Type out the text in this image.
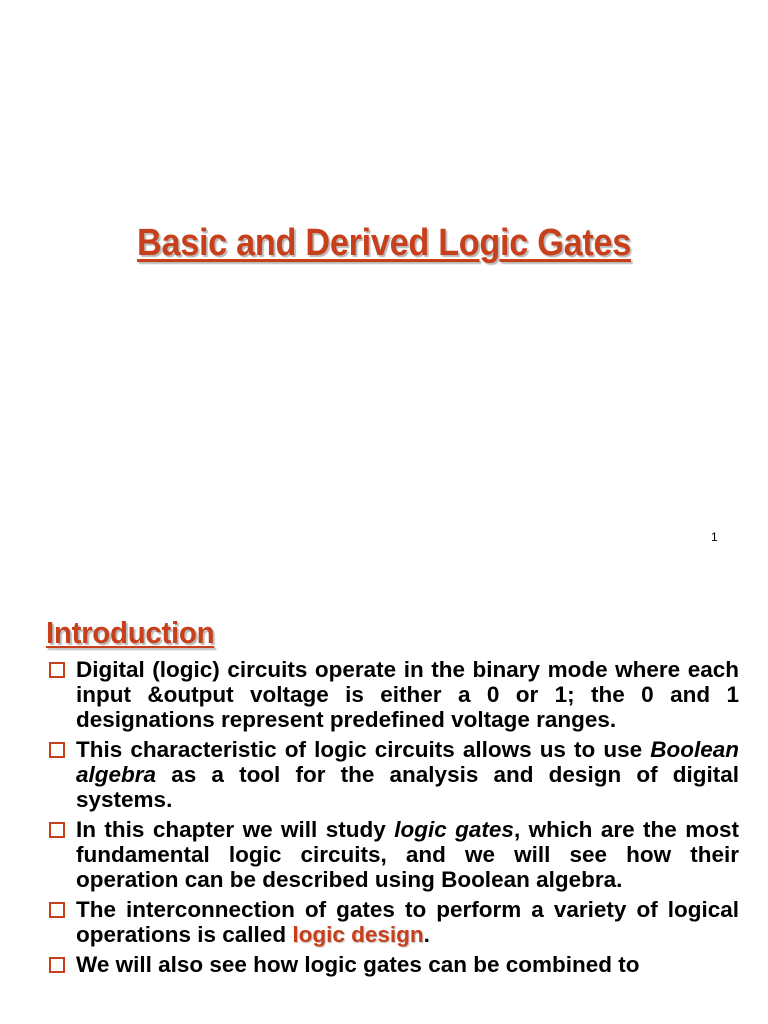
Basic and Derived Logic Gates
1
Introduction
Digital (logic) circuits operate in the binary mode where each input &output voltage is either a 0 or 1; the 0 and 1 designations represent predefined voltage ranges.
This characteristic of logic circuits allows us to use Boolean algebra as a tool for the analysis and design of digital systems.
In this chapter we will study logic gates, which are the most fundamental logic circuits, and we will see how their operation can be described using Boolean algebra.
The interconnection of gates to perform a variety of logical operations is called logic design.
We will also see how logic gates can be combined to
